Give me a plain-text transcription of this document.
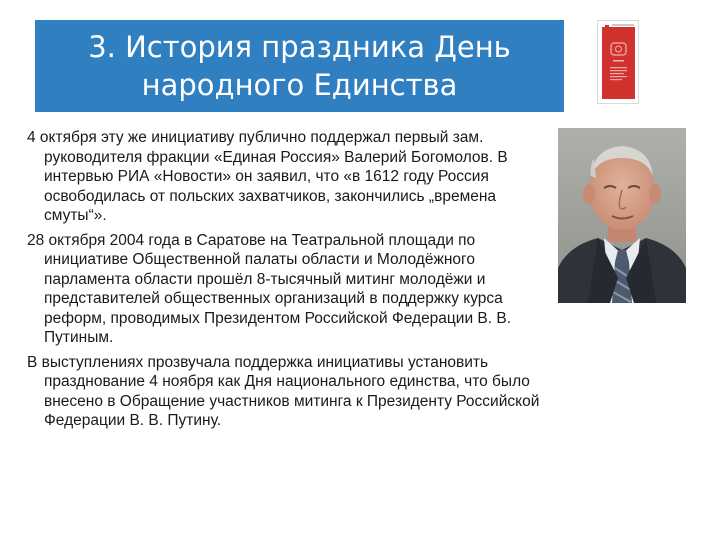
3. История праздника День
народного Единства

4 октября эту же инициативу публично поддержал первый зам. руководителя фракции «Единая Россия» Валерий Богомолов. В интервью РИА «Новости» он заявил, что «в 1612 году Россия освободилась от польских захватчиков, закончились „времена смуты“».

28 октября 2004 года в Саратове на Театральной площади по инициативе Общественной палаты области и Молодёжного парламента области прошёл 8-тысячный митинг молодёжи и представителей общественных организаций в поддержку курса реформ, проводимых Президентом Российской Федерации В. В. Путиным.

В выступлениях прозвучала поддержка инициативы установить празднование 4 ноября как Дня национального единства, что было внесено в Обращение участников митинга к Президенту Российской Федерации В. В. Путину.
